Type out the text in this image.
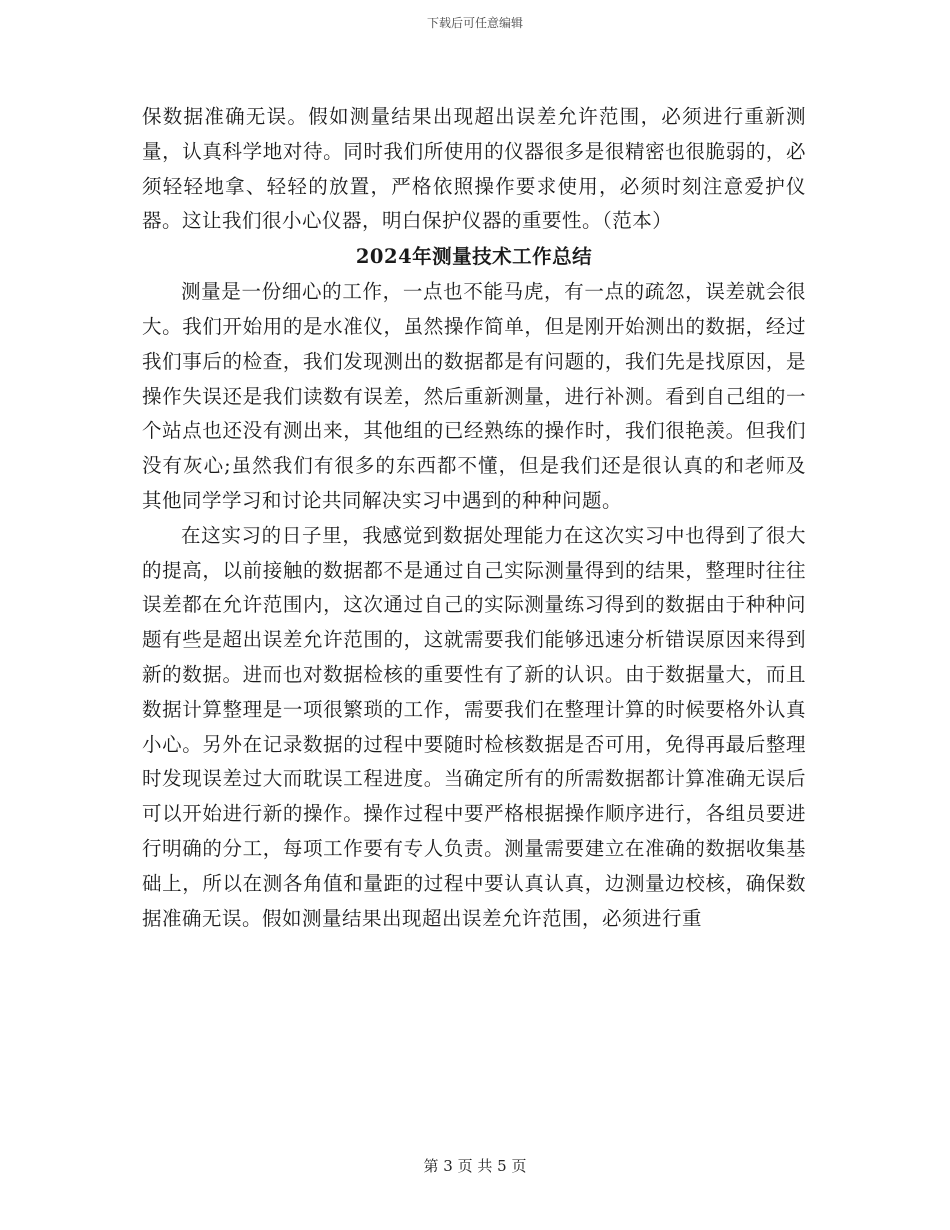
下载后可任意编辑

保数据准确无误。假如测量结果出现超出误差允许范围，必须进行重新测量，认真科学地对待。同时我们所使用的仪器很多是很精密也很脆弱的，必须轻轻地拿、轻轻的放置，严格依照操作要求使用，必须时刻注意爱护仪器。这让我们很小心仪器，明白保护仪器的重要性。（范本）

2024年测量技术工作总结

测量是一份细心的工作，一点也不能马虎，有一点的疏忽，误差就会很大。我们开始用的是水准仪，虽然操作简单，但是刚开始测出的数据，经过我们事后的检查，我们发现测出的数据都是有问题的，我们先是找原因，是操作失误还是我们读数有误差，然后重新测量，进行补测。看到自己组的一个站点也还没有测出来，其他组的已经熟练的操作时，我们很艳羡。但我们没有灰心;虽然我们有很多的东西都不懂，但是我们还是很认真的和老师及其他同学学习和讨论共同解决实习中遇到的种种问题。

在这实习的日子里，我感觉到数据处理能力在这次实习中也得到了很大的提高，以前接触的数据都不是通过自己实际测量得到的结果，整理时往往误差都在允许范围内，这次通过自己的实际测量练习得到的数据由于种种问题有些是超出误差允许范围的，这就需要我们能够迅速分析错误原因来得到新的数据。进而也对数据检核的重要性有了新的认识。由于数据量大，而且数据计算整理是一项很繁琐的工作，需要我们在整理计算的时候要格外认真小心。另外在记录数据的过程中要随时检核数据是否可用，免得再最后整理时发现误差过大而耽误工程进度。当确定所有的所需数据都计算准确无误后可以开始进行新的操作。操作过程中要严格根据操作顺序进行，各组员要进行明确的分工，每项工作要有专人负责。测量需要建立在准确的数据收集基础上，所以在测各角值和量距的过程中要认真认真，边测量边校核，确保数据准确无误。假如测量结果出现超出误差允许范围，必须进行重

第 3 页 共 5 页
